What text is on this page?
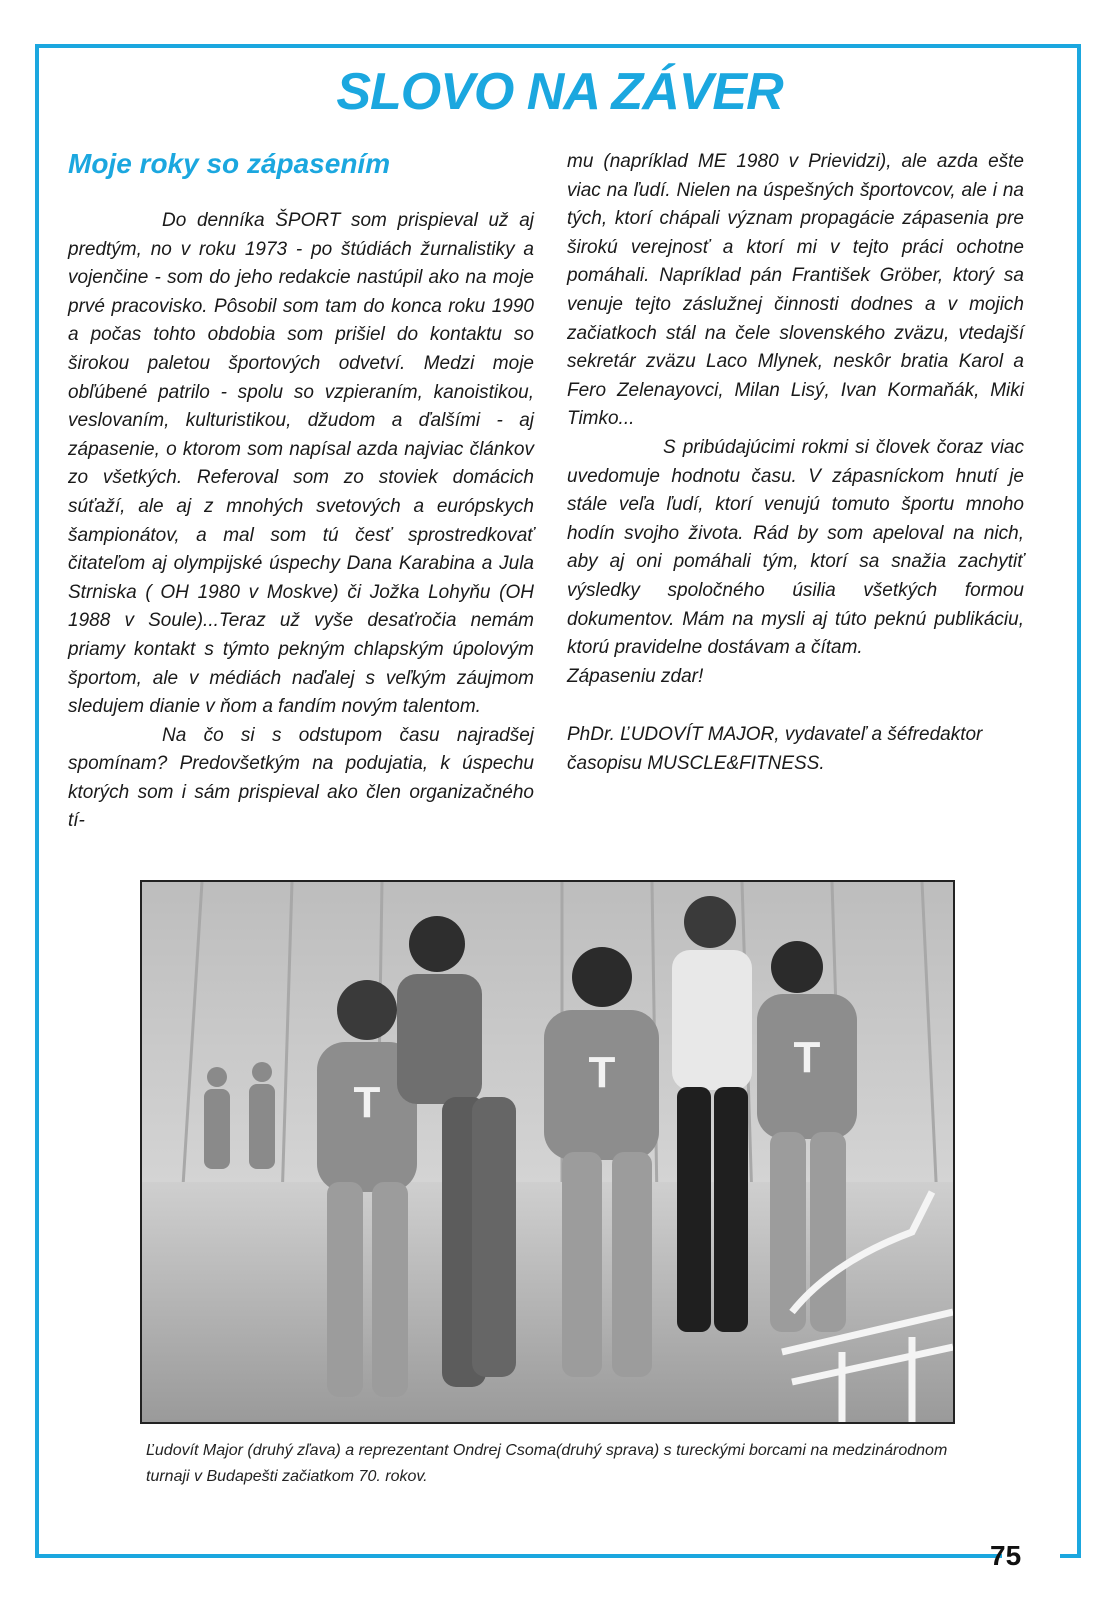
SLOVO NA ZÁVER
Moje roky so zápasením

Do denníka ŠPORT som prispieval už aj predtým, no v roku 1973 - po štúdiách žurnalistiky a vojenčine - som do jeho redakcie nastúpil ako na moje prvé pracovisko. Pôsobil som tam do konca roku 1990 a počas tohto obdobia som prišiel do kontaktu so širokou paletou športových odvetví. Medzi moje obľúbené patrilo - spolu so vzpieraním, kanoistikou, veslovaním, kulturistikou, džudom a ďalšími - aj zápasenie, o ktorom som napísal azda najviac článkov zo všetkých. Referoval som zo stoviek domácich súťaží, ale aj z mnohých svetových a európskych šampionátov, a mal som tú česť sprostredkovať čitateľom aj olympijské úspechy Dana Karabina a Jula Strniska ( OH 1980 v Moskve) či Jožka Lohyňu (OH 1988 v Soule)...Teraz už vyše desaťročia nemám priamy kontakt s týmto pekným chlapským úpolovým športom, ale v médiách naďalej s veľkým záujmom sledujem dianie v ňom a fandím novým talentom.

Na čo si s odstupom času najradšej spomínam? Predovšetkým na podujatia, k úspechu ktorých som i sám prispieval ako člen organizačného tí-

mu (napríklad ME 1980 v Prievidzi), ale azda ešte viac na ľudí. Nielen na úspešných športovcov, ale i na tých, ktorí chápali význam propagácie zápasenia pre širokú verejnosť a ktorí mi v tejto práci ochotne pomáhali. Napríklad pán František Gröber, ktorý sa venuje tejto záslužnej činnosti dodnes a v mojich začiatkoch stál na čele slovenského zväzu, vtedajší sekretár zväzu Laco Mlynek, neskôr bratia Karol a Fero Zelenayovci, Milan Lisý, Ivan Kormaňák, Miki Timko...

S pribúdajúcimi rokmi si človek čoraz viac uvedomuje hodnotu času. V zápasníckom hnutí je stále veľa ľudí, ktorí venujú tomuto športu mnoho hodín svojho života. Rád by som apeloval na nich, aby aj oni pomáhali tým, ktorí sa snažia zachytiť výsledky spoločného úsilia všetkých formou dokumentov. Mám na mysli aj túto peknú publikáciu, ktorú pravidelne dostávam a čítam.

Zápaseniu zdar!

PhDr. ĽUDOVÍT MAJOR, vydavateľ a šéfredaktor časopisu MUSCLE&FITNESS.

T
T	T

Ľudovít Major (druhý zľava) a reprezentant Ondrej Csoma(druhý sprava) s tureckými borcami na medzinárodnom turnaji v Budapešti začiatkom 70. rokov.

75
